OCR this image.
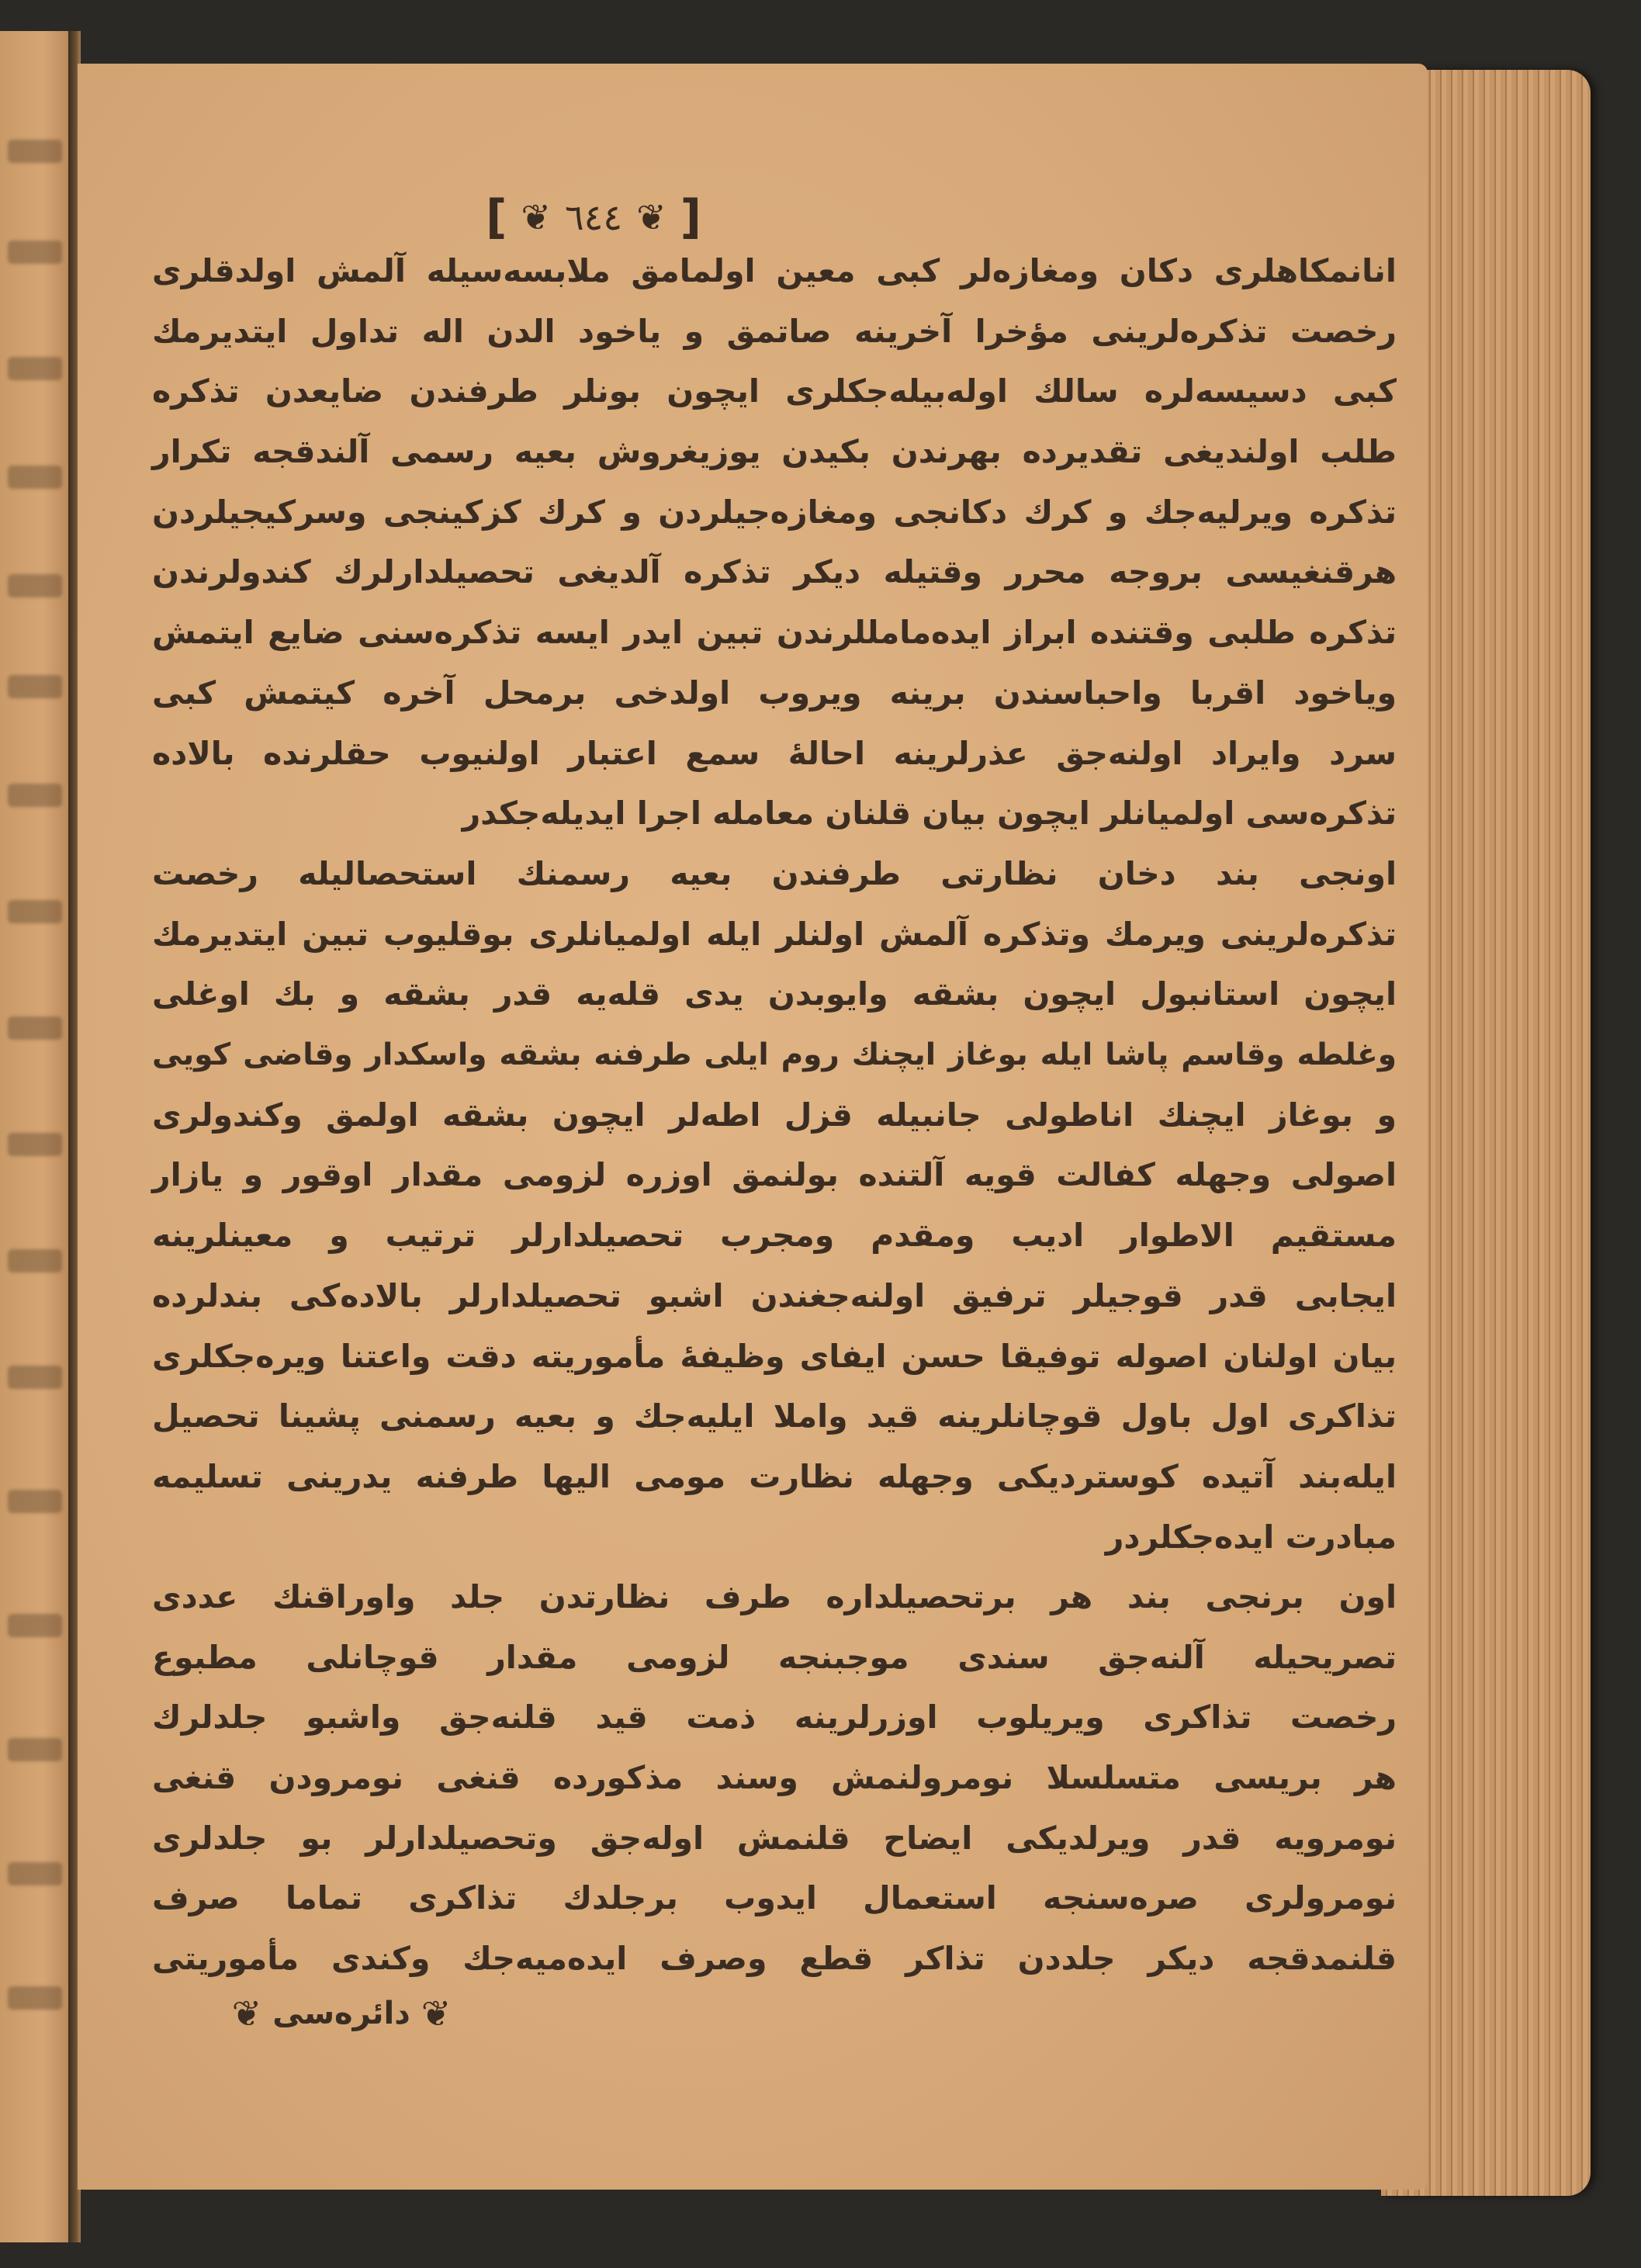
[ ❦ ٦٤٤ ❦ ]
انانمکاهلری دکان ومغازه‌لر کبی معین اولمامق ملابسه‌سیله آلمش اولدقلری
رخصت تذکره‌لرینی مؤخرا آخرینه صاتمق و یاخود الدن اله تداول ایتدیرمك
کبی دسیسه‌لره سالك اوله‌بیله‌جکلری ایچون بونلر طرفندن ضایعدن تذکره
طلب اولندیغی تقدیرده بهرندن بکیدن یوزیغروش بعیه رسمی آلندقجه تکرار
تذکره ویرلیه‌جك و کرك دکانجی ومغازه‌جیلردن و کرك کزکینجی وسرکیجیلردن
هرقنغیسی بروجه محرر وقتیله دیکر تذکره آلدیغی تحصیلدارلرك کندولرندن
تذکره طلبی وقتنده ابراز ایده‌مامللرندن تبین ایدر ایسه تذکره‌سنی ضایع ایتمش
ویاخود اقربا واحباسندن برینه ویروب اولدخی برمحل آخره کیتمش کبی
سرد وایراد اولنه‌جق عذرلرینه احالهٔ سمع اعتبار اولنیوب حقلرنده بالاده
تذکره‌سی اولمیانلر ایچون بیان قلنان معامله اجرا ایدیله‌جکدر
اونجی بند دخان نظارتی طرفندن بعیه رسمنك استحصالیله رخصت
تذکره‌لرینی ویرمك وتذکره آلمش اولنلر ایله اولمیانلری بوقلیوب تبین ایتدیرمك
ایچون استانبول ایچون بشقه وایوبدن یدی قله‌یه قدر بشقه و بك اوغلی
وغلطه وقاسم پاشا ایله بوغاز ایچنك روم ایلی طرفنه بشقه واسکدار وقاضی کویی
و بوغاز ایچنك اناطولی جانبیله قزل اطه‌لر ایچون بشقه اولمق وکندولری
اصولی وجهله کفالت قویه آلتنده بولنمق اوزره لزومی مقدار اوقور و یازار
مستقیم الاطوار ادیب ومقدم ومجرب تحصیلدارلر ترتیب و معینلرینه
ایجابی قدر قوجیلر ترفیق اولنه‌جغندن اشبو تحصیلدارلر بالاده‌کی بندلرده
بیان اولنان اصوله توفیقا حسن ایفای وظیفهٔ مأموریته دقت واعتنا ویره‌جکلری
تذاکری اول باول قوچانلرینه قید واملا ایلیه‌جك و بعیه رسمنی پشینا تحصیل
ایله‌بند آتیده کوستردیکی وجهله نظارت مومی الیها طرفنه یدرینی تسلیمه
مبادرت ایده‌جکلردر
اون برنجی بند هر برتحصیلداره طرف نظارتدن جلد واوراقنك عددی
تصریحیله آلنه‌جق سندی موجبنجه لزومی مقدار قوچانلی مطبوع
رخصت تذاکری ویریلوب اوزرلرینه ذمت قید قلنه‌جق واشبو جلدلرك
هر بریسی متسلسلا نومرولنمش وسند مذکورده قنغی نومرودن قنغی
نومرویه قدر ویرلدیکی ایضاح قلنمش اوله‌جق وتحصیلدارلر بو جلدلری
نومرولری صره‌سنجه استعمال ایدوب برجلدك تذاکری تماما صرف
قلنمدقجه دیکر جلددن تذاکر قطع وصرف ایده‌میه‌جك وکندی مأموریتی
❦
دائره‌سی
❦
